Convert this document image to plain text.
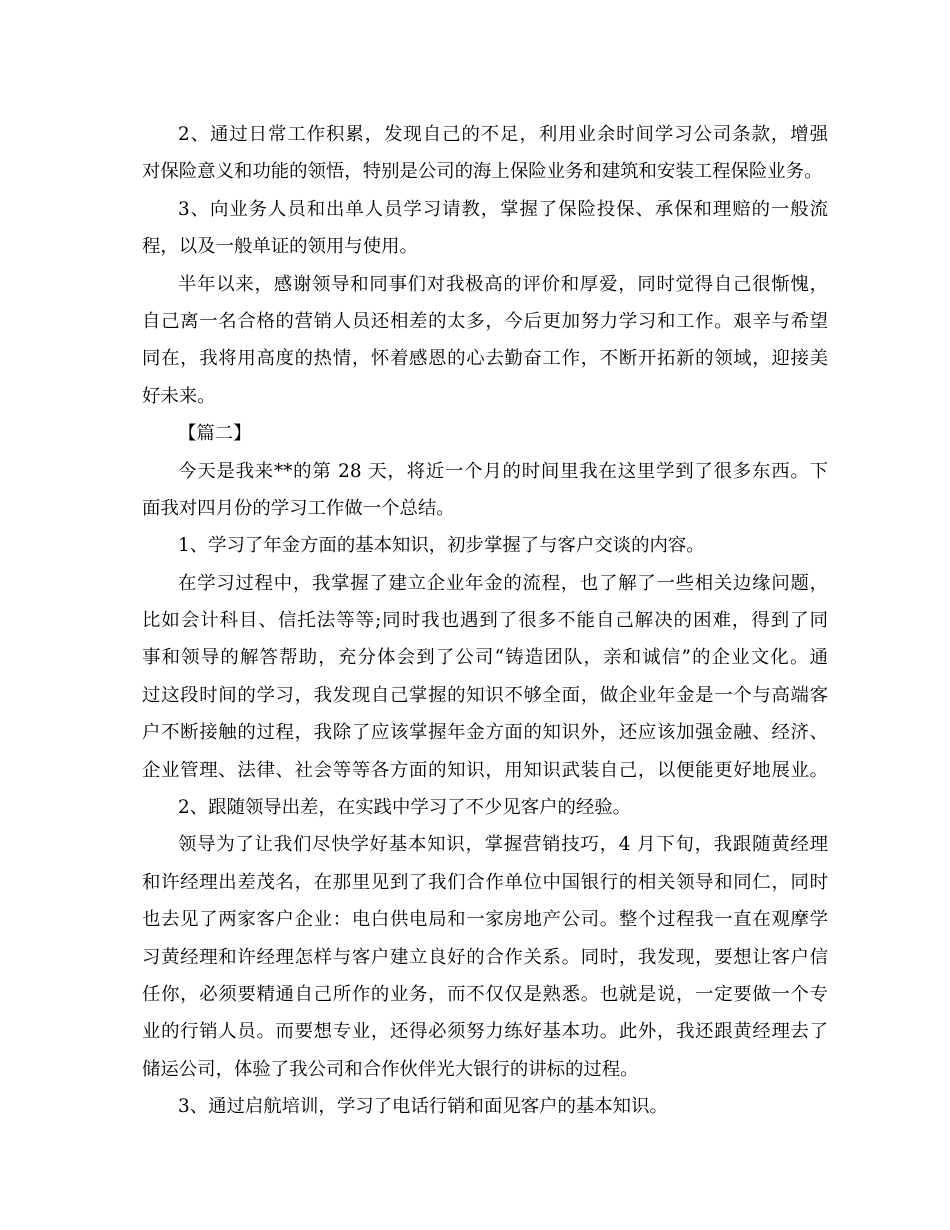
2、通过日常工作积累，发现自己的不足，利用业余时间学习公司条款，增强
对保险意义和功能的领悟，特别是公司的海上保险业务和建筑和安装工程保险业务。
3、向业务人员和出单人员学习请教，掌握了保险投保、承保和理赔的一般流
程，以及一般单证的领用与使用。
半年以来，感谢领导和同事们对我极高的评价和厚爱，同时觉得自己很惭愧，
自己离一名合格的营销人员还相差的太多，今后更加努力学习和工作。艰辛与希望
同在，我将用高度的热情，怀着感恩的心去勤奋工作，不断开拓新的领域，迎接美
好未来。
【篇二】
今天是我来**的第 28 天，将近一个月的时间里我在这里学到了很多东西。下
面我对四月份的学习工作做一个总结。
1、学习了年金方面的基本知识，初步掌握了与客户交谈的内容。
在学习过程中，我掌握了建立企业年金的流程，也了解了一些相关边缘问题，
比如会计科目、信托法等等;同时我也遇到了很多不能自己解决的困难，得到了同
事和领导的解答帮助，充分体会到了公司“铸造团队，亲和诚信”的企业文化。通
过这段时间的学习，我发现自己掌握的知识不够全面，做企业年金是一个与高端客
户不断接触的过程，我除了应该掌握年金方面的知识外，还应该加强金融、经济、
企业管理、法律、社会等等各方面的知识，用知识武装自己，以便能更好地展业。
2、跟随领导出差，在实践中学习了不少见客户的经验。
领导为了让我们尽快学好基本知识，掌握营销技巧，4 月下旬，我跟随黄经理
和许经理出差茂名，在那里见到了我们合作单位中国银行的相关领导和同仁，同时
也去见了两家客户企业：电白供电局和一家房地产公司。整个过程我一直在观摩学
习黄经理和许经理怎样与客户建立良好的合作关系。同时，我发现，要想让客户信
任你，必须要精通自己所作的业务，而不仅仅是熟悉。也就是说，一定要做一个专
业的行销人员。而要想专业，还得必须努力练好基本功。此外，我还跟黄经理去了
储运公司，体验了我公司和合作伙伴光大银行的讲标的过程。
3、通过启航培训，学习了电话行销和面见客户的基本知识。
